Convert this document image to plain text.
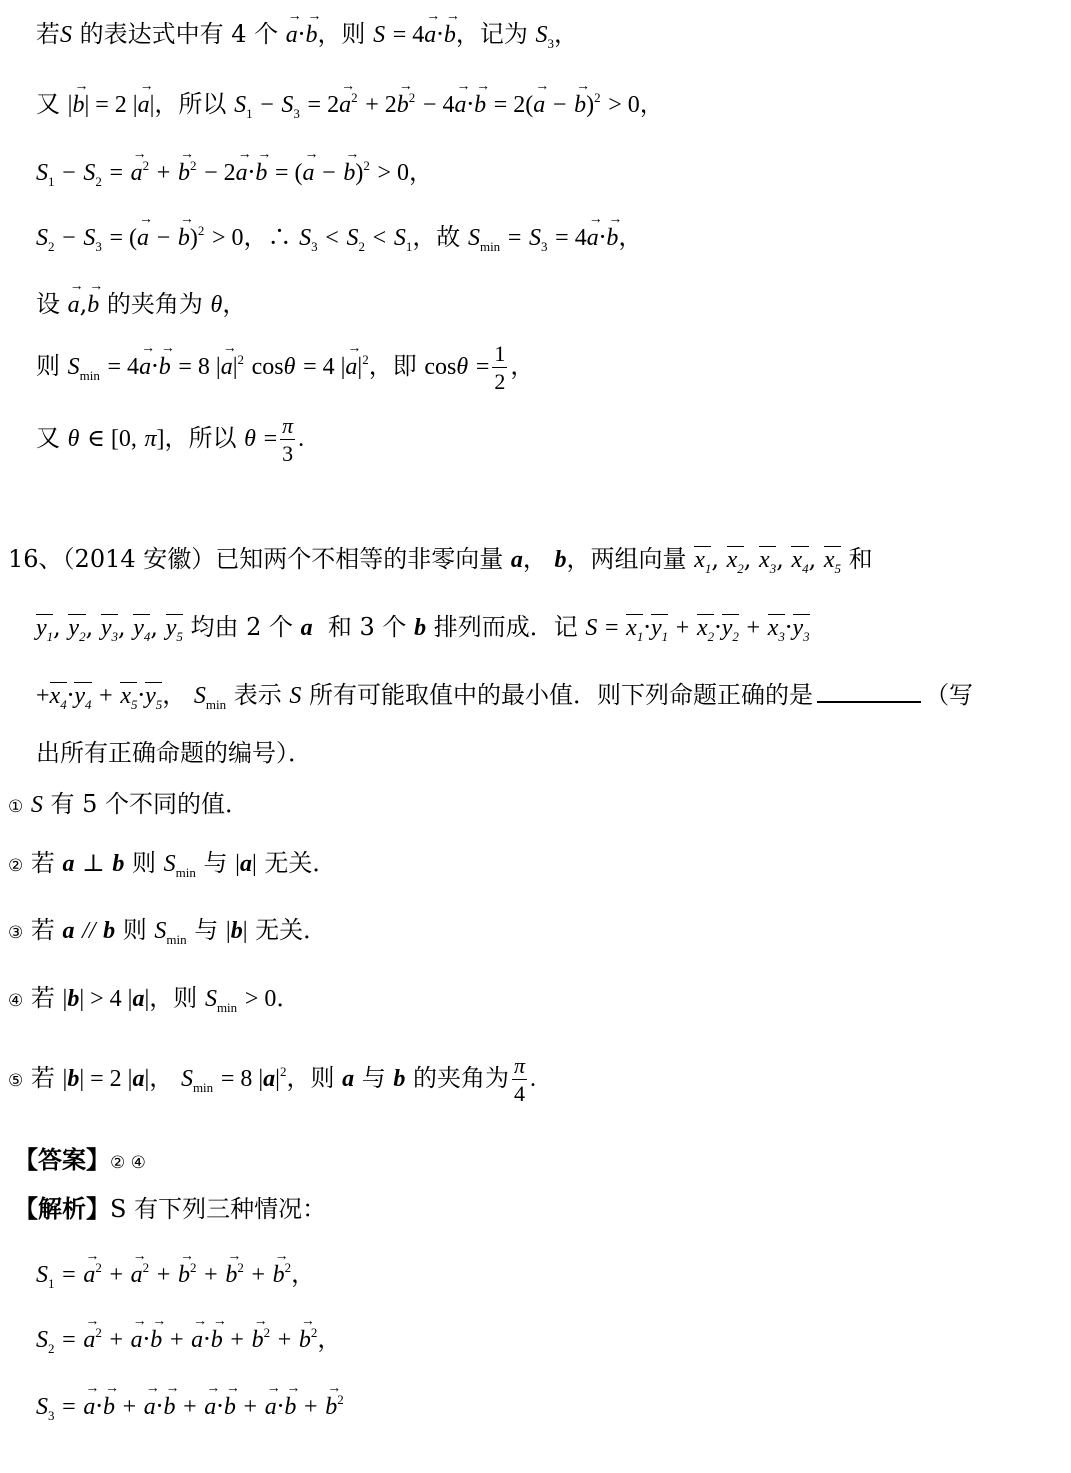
若S 的表达式中有 4 个 → a·→ b，则 S = 4→ a·→ b，记为 $S_3$，
又 |→ b| = 2 |→ a|，所以 $S_1 - S_3 = 2\to a^2 + 2\to b^2 - 4\to a\cdot\to b = 2(\to a$ − → b)$^2$ > 0，
$S_1 - S_2$ = → $a^2$ + → $b^2 - 2\to a\cdot\to b$ = (→ a − → b)$^2$ > 0，
$S_2 - S_3$ = (→ a − → b)$^2$ > 0，∴ $S_3 < S_2 < S_1$，故 $S_{min} = S_3 = 4\to a\cdot\to b$，
设 → a,→ b 的夹角为 θ，
则 $S_{min} = 4\to a\cdot\to b = 8$ |→ $a|^2$ cosθ = 4 |→ $a|^2$，即 $\cos\theta = \frac{1}{2}$ ，
又 θ ∈ [0, π]，所以 $\theta = \frac{\pi}{3}$ .
16、（2014 安徽）已知两个不相等的非零向量 a， b，两组向量 $x_1$, $x_2$, $x_3$, $x_4$, $x_5$ 和
$y_1$, $y_2$, $y_3$, $y_4$, $y_5$ 均由 2 个 a  和 3 个 b 排列而成．记 $S = x_1\cdot y_1 + x_2\cdot y_2 + x_3\cdot y_3$
$+x_4\cdot y_4 + x_5\cdot y_5$， $S_{min}$ 表示 S 所有可能取值中的最小值．则下列命题正确的是	（写
出所有正确命题的编号）．
① S 有 5 个不同的值．
② 若 a ⊥ b 则 $S_{min}$ 与 |a| 无关．
③ 若 a // b 则 $S_{min}$ 与 |b| 无关．
④ 若 |b| > 4 |a|，则 $S_{min} > 0$．
⑤ 若 |b| = 2 |a|， $S_{min} = 8$ $|a|^2$，则 a 与 b 的夹角为 $\frac{\pi}{4}$ .
【答案】② ④
【解析】S 有下列三种情况：
$S_1$ = → $a^2$ + → $a^2$ + → $b^2$ + → $b^2$ + → $b^2$，
$S_2$ = → $a^2$ + → a·→ b + → a·→ b + → $b^2$ + → $b^2$，
$S_3$ = → a·→ b + → a·→ b + → a·→ b + → a·→ b + → $b^2$
